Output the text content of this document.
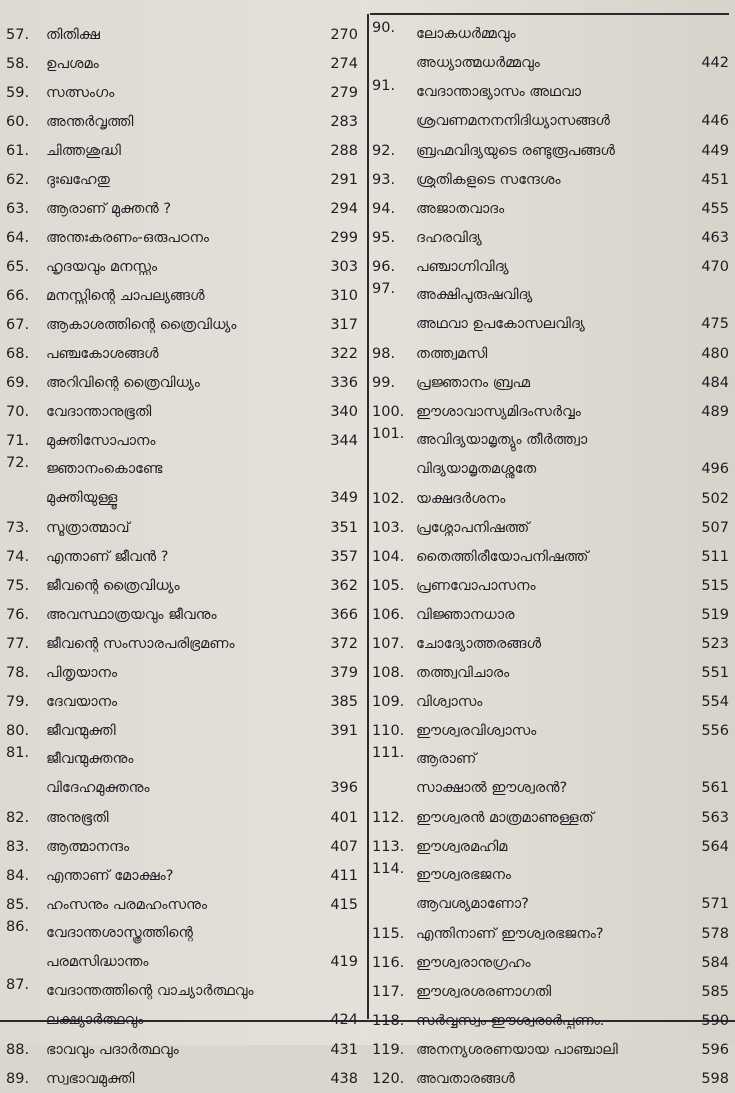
57.	തിതിക്ഷ	270
58.	ഉപശമം	274
59.	സത്സംഗം	279
60.	അന്തർവൃത്തി	283
61.	ചിത്തശുദ്ധി	288
62.	ദുഃഖഹേതു	291
63.	ആരാണ് മുക്തൻ ?	294
64.	അന്തഃകരണം-ഒരുപഠനം	299
65.	ഹൃദയവും മനസ്സും	303
66.	മനസ്സിന്റെ ചാപല്യങ്ങൾ	310
67.	ആകാശത്തിന്റെ ത്രൈവിധ്യം	317
68.	പഞ്ചകോശങ്ങൾ	322
69.	അറിവിന്റെ ത്രൈവിധ്യം	336
70.	വേദാന്താനുഭൂതി	340
71.	മുക്തിസോപാനം	344
72.	ജ്ഞാനംകൊണ്ടേ
മുക്തിയുള്ളൂ	349
73.	സൂത്രാത്മാവ്	351
74.	എന്താണ് ജീവൻ ?	357
75.	ജീവന്റെ ത്രൈവിധ്യം	362
76.	അവസ്ഥാത്രയവും ജീവനും	366
77.	ജീവന്റെ സംസാരപരിഭ്രമണം	372
78.	പിതൃയാനം	379
79.	ദേവയാനം	385
80.	ജീവന്മുക്തി	391
81.	ജീവന്മുക്തനും
വിദേഹമുക്തനും	396
82.	അനുഭൂതി	401
83.	ആത്മാനന്ദം	407
84.	എന്താണ് മോക്ഷം?	411
85.	ഹംസനും പരമഹംസനും	415
86.	വേദാന്തശാസ്ത്രത്തിന്റെ
പരമസിദ്ധാന്തം	419
87.	വേദാന്തത്തിന്റെ വാച്യാർത്ഥവും
ലക്ഷ്യാർത്ഥവും	424
88.	ഭാവവും പദാർത്ഥവും	431
89.	സ്വഭാവമുക്തി	438
90.	ലോകധർമ്മവും
അധ്യാത്മധർമ്മവും	442
91.	വേദാന്താഭ്യാസം അഥവാ
ശ്രവണമനനനിദിധ്യാസങ്ങൾ	446
92.	ബ്രഹ്മവിദ്യയുടെ രണ്ടുരൂപങ്ങൾ	449
93.	ശ്രുതികളുടെ സന്ദേശം	451
94.	അജാതവാദം	455
95.	ദഹരവിദ്യ	463
96.	പഞ്ചാഗ്നിവിദ്യ	470
97.	അക്ഷിപുരുഷവിദ്യ
അഥവാ ഉപകോസലവിദ്യ	475
98.	തത്ത്വമസി	480
99.	പ്രജ്ഞാനം ബ്രഹ്മ	484
100. ഈശാവാസ്യമിദംസർവ്വം	489
101. അവിദ്യയാമൃത്യും തീർത്ത്വാ
വിദ്യയാമൃതമശ്നുതേ	496
102. യക്ഷദർശനം	502
103. പ്രശ്നോപനിഷത്ത്	507
104. തൈത്തിരീയോപനിഷത്ത്	511
105. പ്രണവോപാസനം	515
106. വിജ്ഞാനധാര	519
107. ചോദ്യോത്തരങ്ങൾ	523
108. തത്ത്വവിചാരം	551
109. വിശ്വാസം	554
110. ഈശ്വരവിശ്വാസം	556
111. ആരാണ്
സാക്ഷാൽ ഈശ്വരൻ?	561
112. ഈശ്വരൻ മാത്രമാണുള്ളത്	563
113. ഈശ്വരമഹിമ	564
114. ഈശ്വരഭജനം
ആവശ്യമാണോ?	571
115. എന്തിനാണ് ഈശ്വരഭജനം?	578
116. ഈശ്വരാനുഗ്രഹം	584
117. ഈശ്വരശരണാഗതി	585
118. സർവ്വസ്വം ഈശ്വരാർപ്പണം.	590
119. അനന്യശരണയായ പാഞ്ചാലി	596
120. അവതാരങ്ങൾ	598
